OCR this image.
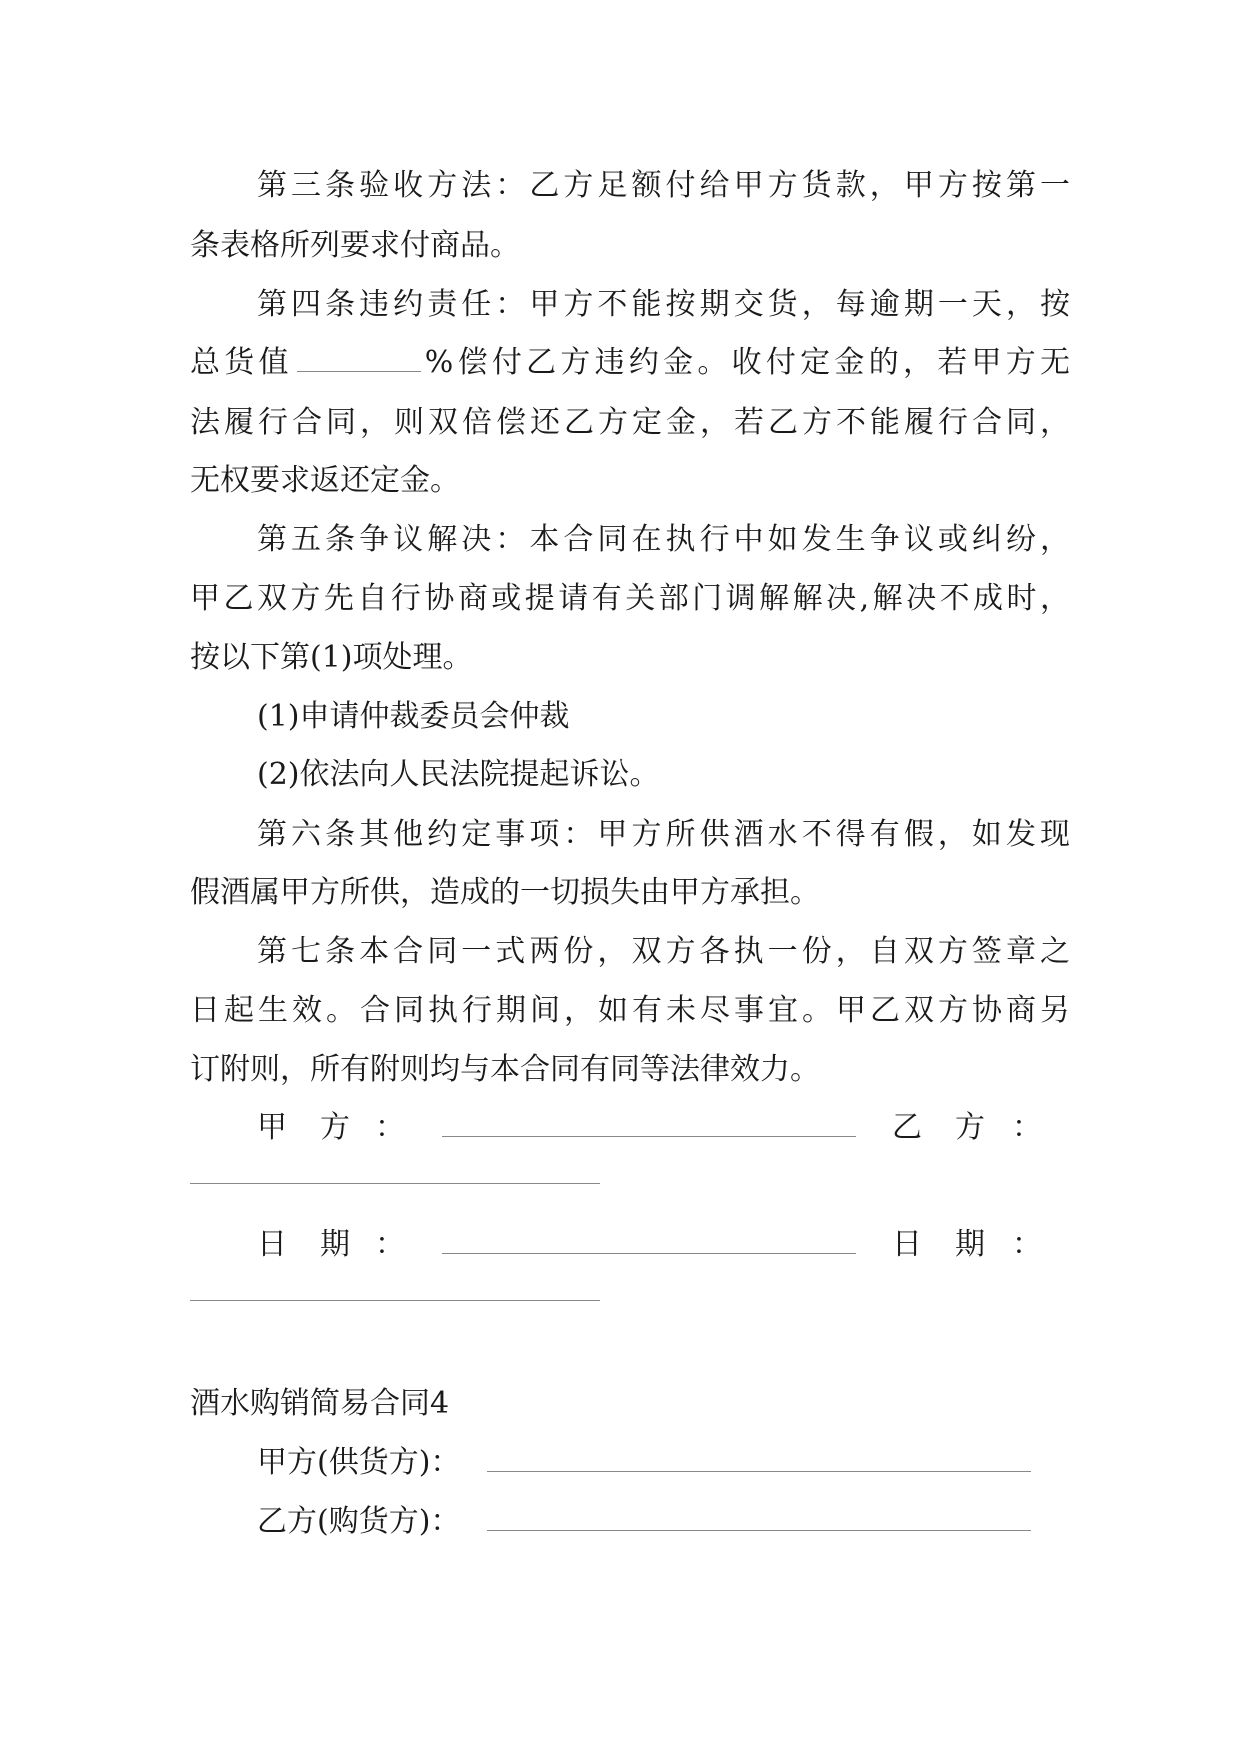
第三条验收方法：乙方足额付给甲方货款，甲方按第一
条表格所列要求付商品。
第四条违约责任：甲方不能按期交货，每逾期一天，按
总货值	%偿付乙方违约金。收付定金的，若甲方无
法履行合同，则双倍偿还乙方定金，若乙方不能履行合同，
无权要求返还定金。
第五条争议解决：本合同在执行中如发生争议或纠纷，
甲乙双方先自行协商或提请有关部门调解解决,解决不成时，
按以下第(1)项处理。
(1)申请仲裁委员会仲裁
(2)依法向人民法院提起诉讼。
第六条其他约定事项：甲方所供酒水不得有假，如发现
假酒属甲方所供，造成的一切损失由甲方承担。
第七条本合同一式两份，双方各执一份，自双方签章之
日起生效。合同执行期间，如有未尽事宜。甲乙双方协商另
订附则，所有附则均与本合同有同等法律效力。
甲 方 ：	乙 方 ：
日 期 ：	日 期 ：
酒水购销简易合同4
甲方(供货方)：
乙方(购货方)：
